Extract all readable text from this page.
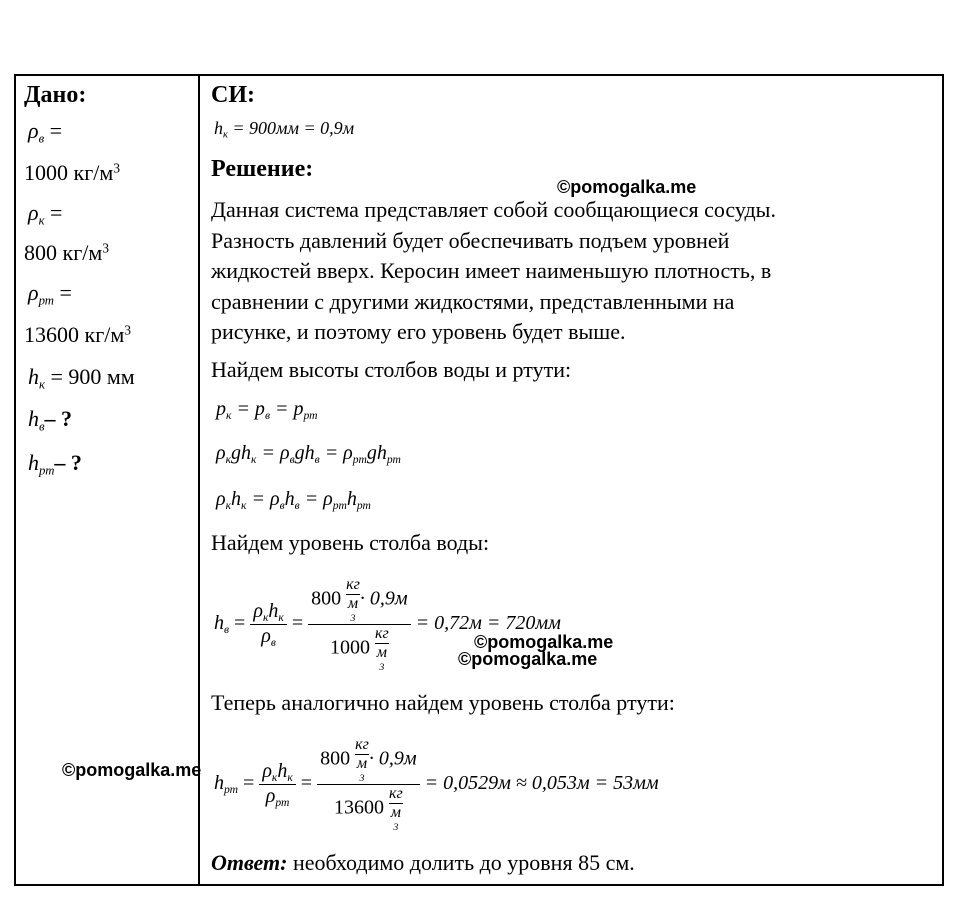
Дано:
$\rho_в$ =
1000 $кг/м^3$
$\rho_к$ =
800 $кг/м^3$
$\rho_{рт}$ =
13600 $кг/м^3$
$h_к = 900$ мм
$h_в-$ ?
$h_{рт}-$ ?
СИ:
$h_к = 900мм = 0,9м$
Решение:
Данная система представляет собой сообщающиеся сосуды.
Разность давлений будет обеспечивать подъем уровней
жидкостей вверх. Керосин имеет наименьшую плотность, в
сравнении с другими жидкостями, представленными на
рисунке, и поэтому его уровень будет выше.
Найдем высоты столбов воды и ртути:
$p_к = p_в = p_{рт}$
$\rho_кgh_к = \rho_вgh_в = \rho_{рт}gh_{рт}$
$\rho_кh_к = \rho_вh_в = \rho_{рт}h_{рт}$
Найдем уровень столба воды:
$h_в = \frac{\rho_кh_к}{\rho_в} = 800$
кг
м
3
· 0,9м
1000
кг
м
3 = 0,72м = 720мм
Теперь аналогично найдем уровень столба ртути:
$h_{рт} = \frac{\rho_кh_к}{\rho_{рт}} = 800$
кг
м
3
· 0,9м
13600
кг
м
3 = 0,0529м ≈ 0,053м = 53мм
Ответ: необходимо долить до уровня 85 см.
©pomogalka.me
©pomogalka.me
©pomogalka.me
©pomogalka.me
